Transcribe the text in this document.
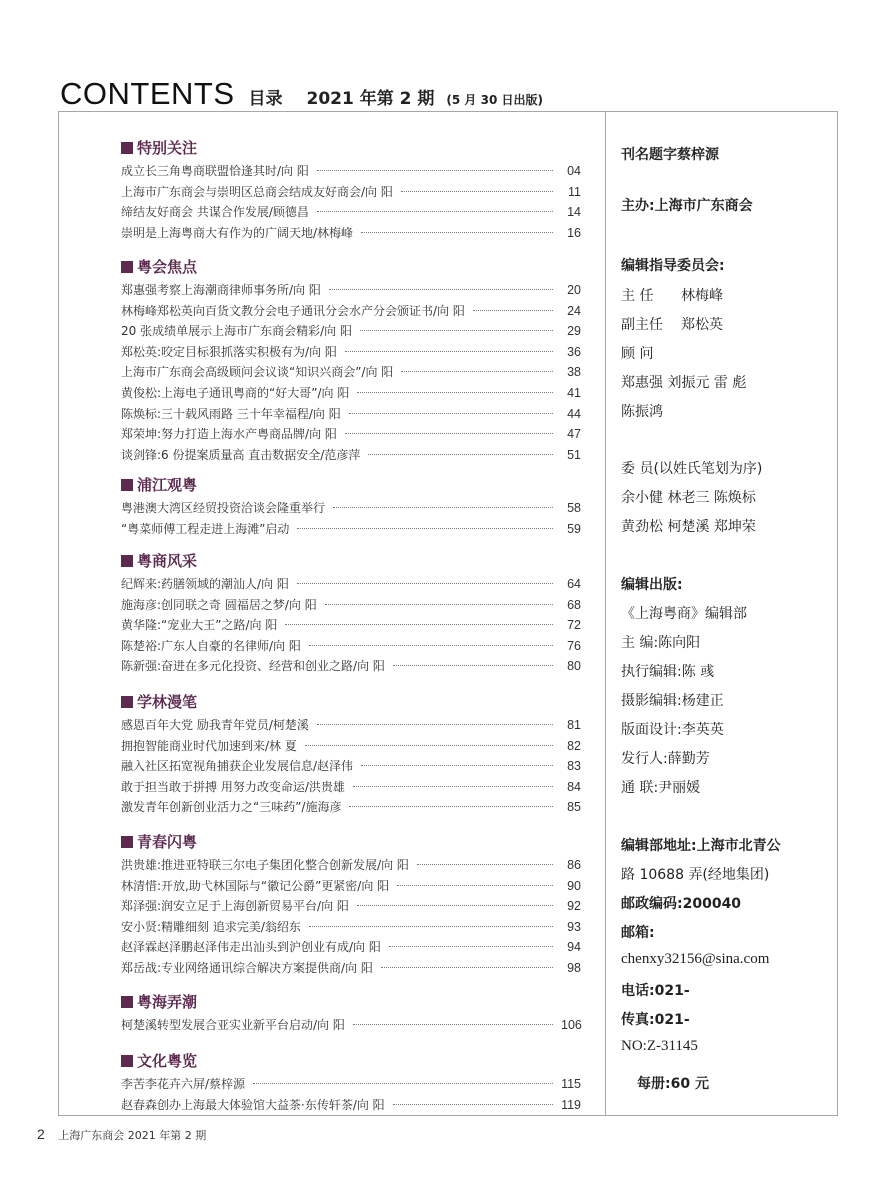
CONTENTS 目录 2021 年第 2 期 (5 月 30 日出版)
特别关注
成立长三角粤商联盟恰逢其时/向 阳	04
上海市广东商会与崇明区总商会结成友好商会/向 阳	11
缔结友好商会 共谋合作发展/顾德昌	14
崇明是上海粤商大有作为的广阔天地/林梅峰	16
粤会焦点
郑惠强考察上海潮商律师事务所/向 阳	20
林梅峰郑松英向百货文教分会电子通讯分会水产分会颁证书/向 阳	24
20 张成绩单展示上海市广东商会精彩/向 阳	29
郑松英:咬定目标狠抓落实积极有为/向 阳	36
上海市广东商会高级顾问会议谈“知识兴商会”/向 阳	38
黄俊松:上海电子通讯粤商的“好大哥”/向 阳	41
陈焕标:三十载风雨路 三十年幸福程/向 阳	44
郑荣坤:努力打造上海水产粤商品牌/向 阳	47
谈剑锋:6 份提案质量高 直击数据安全/范彦萍	51
浦江观粤
粤港澳大湾区经贸投资洽谈会隆重举行	58
“粤菜师傅工程走进上海滩”启动	59
粤商风采
纪辉来:药膳领域的潮汕人/向 阳	64
施海彦:创同联之奇 圆福居之梦/向 阳	68
黄华隆:“宠业大王”之路/向 阳	72
陈楚裕:广东人自豪的名律师/向 阳	76
陈新强:奋进在多元化投资、经营和创业之路/向 阳	80
学林漫笔
感恩百年大党 励我青年党员/柯楚溪	81
拥抱智能商业时代加速到来/林 夏	82
融入社区拓宽视角捕获企业发展信息/赵泽伟	83
敢于担当敢于拼搏 用努力改变命运/洪贵雄	84
激发青年创新创业活力之“三味药”/施海彦	85
青春闪粤
洪贵雄:推进亚特联三尔电子集团化整合创新发展/向 阳	86
林清惜:开放,助弋林国际与“徽记公爵”更紧密/向 阳	90
郑泽强:润安立足于上海创新贸易平台/向 阳	92
安小贤:精雕细刻 追求完美/翁绍东	93
赵泽霖赵泽鹏赵泽伟走出汕头到沪创业有成/向 阳	94
郑岳战:专业网络通讯综合解决方案提供商/向 阳	98
粤海弄潮
柯楚溪转型发展合亚实业新平台启动/向 阳	106
文化粤览
李苦李花卉六屏/蔡梓源	115
赵春森创办上海最大体验馆大益茶·东传轩茶/向 阳	119
刊名题字蔡梓源
主办:上海市广东商会
编辑指导委员会:
主 任 林梅峰
副主任 郑松英
顾 问
郑惠强 刘振元 雷 彪
陈振鸿
委 员(以姓氏笔划为序)
余小健 林老三 陈焕标
黄劲松 柯楚溪 郑坤荣
编辑出版:
《上海粤商》编辑部
主 编:陈向阳
执行编辑:陈 彧
摄影编辑:杨建正
版面设计:李英英
发行人:薛勤芳
通 联:尹丽媛
编辑部地址:上海市北青公
路 10688 弄(经地集团)
邮政编码:200040
邮箱:
chenxy32156@sina.com
电话:021-
传真:021-
NO:Z-31145
每册:60 元
2 上海广东商会 2021 年第 2 期
